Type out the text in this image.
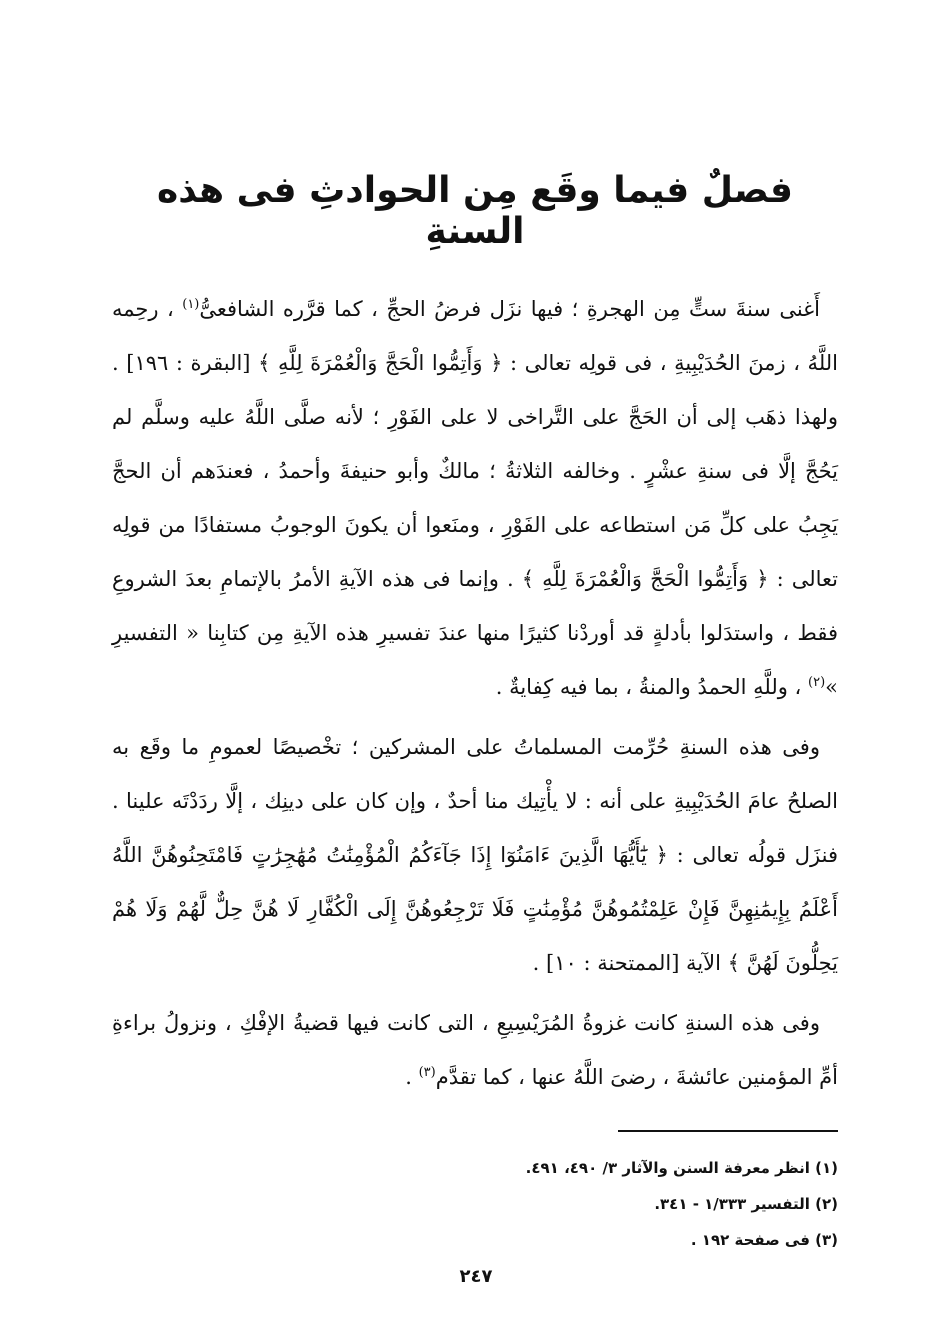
فصلٌ فيما وقَع مِن الحوادثِ فى هذه السنةِ

أَغنى سنةَ ستٍّ مِن الهجرةِ ؛ فيها نزَل فرضُ الحجِّ ، كما قرَّره الشافعىُّ$^{(١)}$ ، رحِمه اللَّهُ ، زمنَ الحُدَيْبِيةِ ، فى قولِه تعالى : ﴿ وَأَتِمُّوا الْحَجَّ وَالْعُمْرَةَ لِلَّهِ ﴾ [البقرة : ١٩٦] . ولهذا ذهَب إلى أن الحَجَّ على التَّراخى لا على الفَوْرِ ؛ لأنه صلَّى اللَّهُ عليه وسلَّم لم يَحُجَّ إلَّا فى سنةِ عشْرٍ . وخالفه الثلاثةُ ؛ مالكٌ وأبو حنيفةَ وأحمدُ ، فعندَهم أن الحجَّ يَجِبُ على كلِّ مَن استطاعه على الفَوْرِ ، ومنَعوا أن يكونَ الوجوبُ مستفادًا من قولِه تعالى : ﴿ وَأَتِمُّوا الْحَجَّ وَالْعُمْرَةَ لِلَّهِ ﴾ . وإنما فى هذه الآيةِ الأمرُ بالإتمامِ بعدَ الشروعِ فقط ، واستدَلوا بأدلةٍ قد أوردْنا كثيرًا منها عندَ تفسيرِ هذه الآيةِ مِن كتابِنا « التفسيرِ »$^{(٢)}$ ، وللَّهِ الحمدُ والمنةُ ، بما فيه كِفايةٌ .

وفى هذه السنةِ حُرِّمت المسلماتُ على المشركين ؛ تخْصيصًا لعمومِ ما وقَع به الصلحُ عامَ الحُدَيْبِيةِ على أنه : لا يأْتِيك منا أحدٌ ، وإن كان على دينِك ، إلَّا ردَدْتَه علينا . فنزَل قولُه تعالى : ﴿ يَٰٓأَيُّهَا الَّذِينَ ءَامَنُوٓا إِذَا جَآءَكُمُ الْمُؤْمِنَٰتُ مُهَٰجِرَٰتٍ فَامْتَحِنُوهُنَّ اللَّهُ أَعْلَمُ بِإِيمَٰنِهِنَّ فَإِنْ عَلِمْتُمُوهُنَّ مُؤْمِنَٰتٍ فَلَا تَرْجِعُوهُنَّ إِلَى الْكُفَّارِ لَا هُنَّ حِلٌّ لَّهُمْ وَلَا هُمْ يَحِلُّونَ لَهُنَّ ﴾ الآية [الممتحنة : ١٠] .

وفى هذه السنةِ كانت غزوةُ المُرَيْسِيعِ ، التى كانت فيها قضيةُ الإفْكِ ، ونزولُ براءةِ أمِّ المؤمنين عائشةَ ، رضىَ اللَّهُ عنها ، كما تقدَّم$^{(٣)}$ .

(١) انظر معرفة السنن والآثار ٣/ ٤٩٠، ٤٩١.
(٢) التفسير ١/٣٣٣ - ٣٤١.
(٣) فى صفحة ١٩٢ .
٢٤٧
